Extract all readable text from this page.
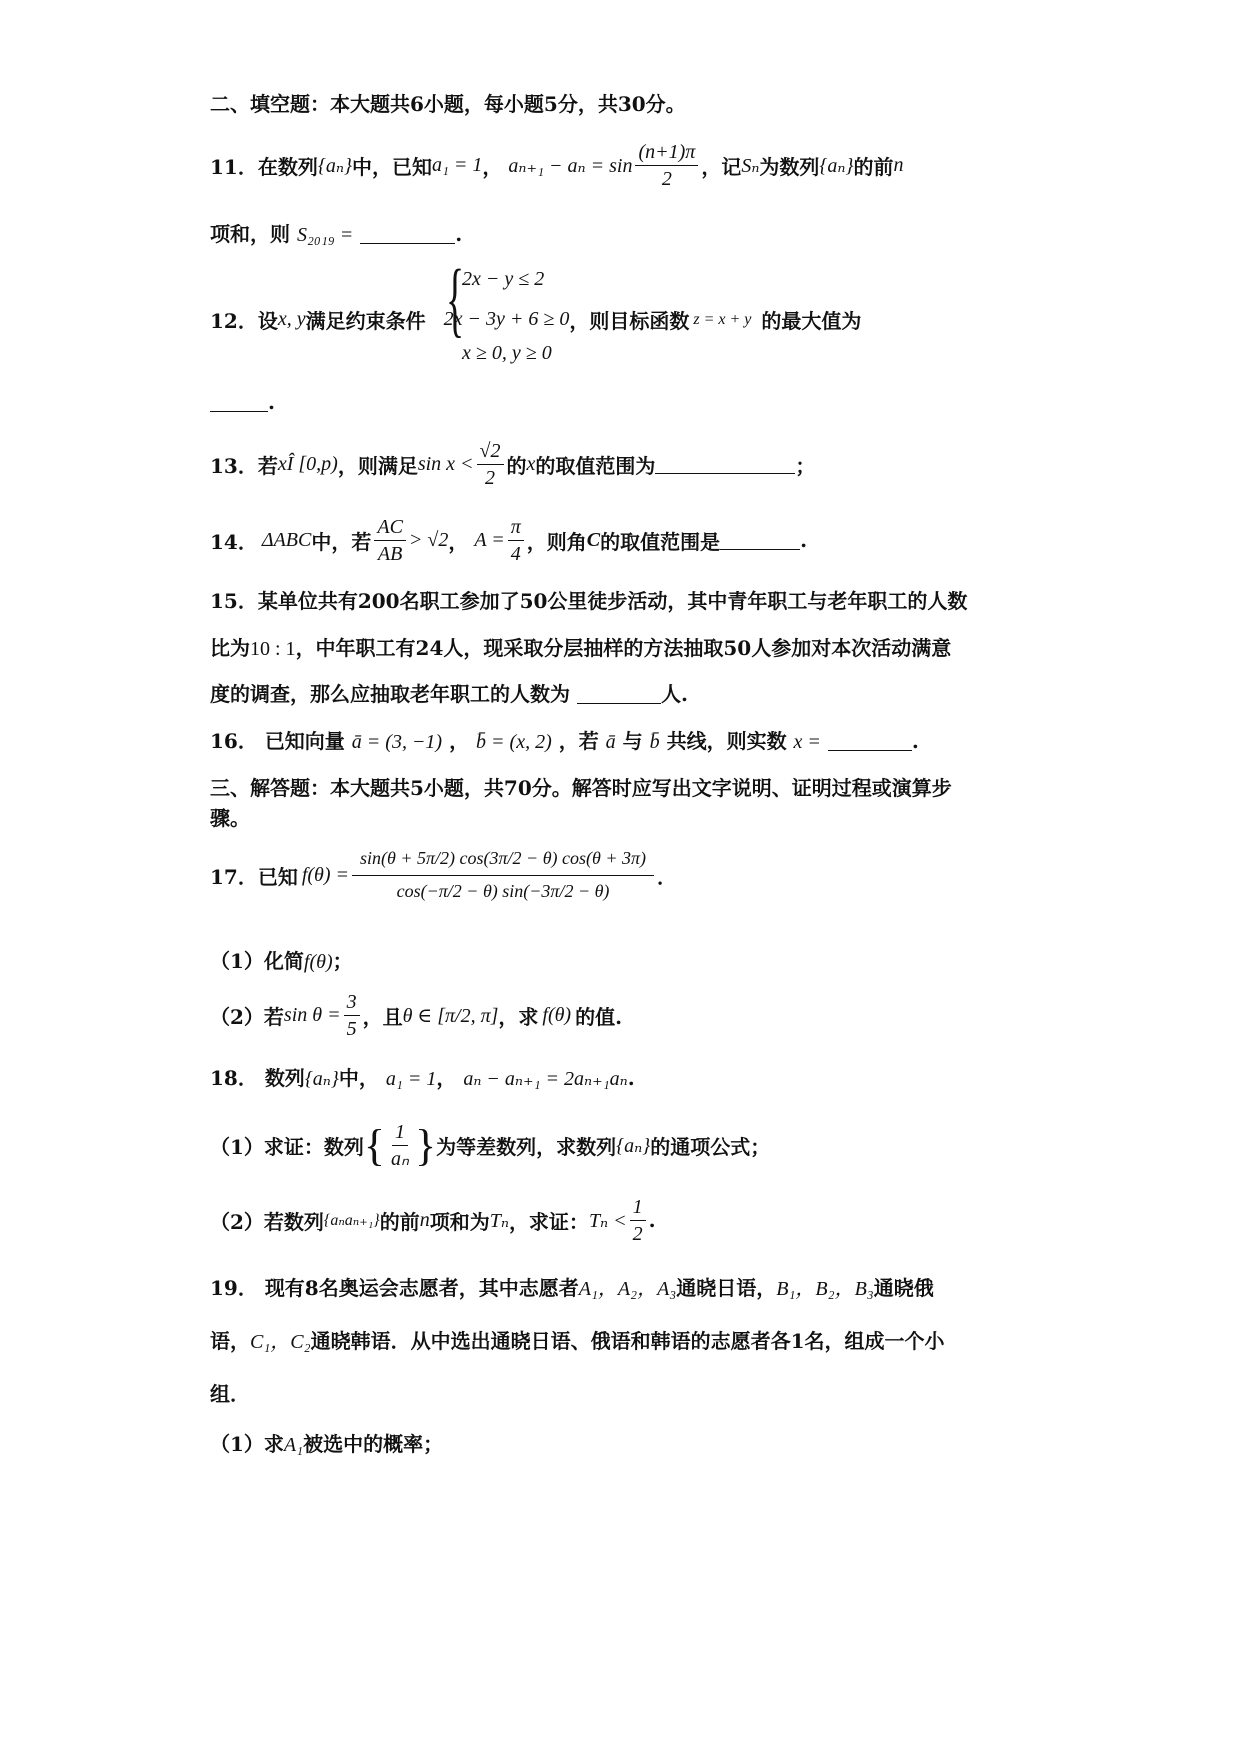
二、填空题：本大题共6小题，每小题5分，共30分。
11． 在数列 {aₙ} 中，已知 a₁ = 1 ， $a_{n+1} - a_n = \sin \frac{(n+1)\pi}{2}$ ，记 Sₙ 为数列 {aₙ} 的前 n
项和，则 S₂₀₁₉ =	.
{
2x − y ≤ 2
12． 设 x, y 满足约束条件 2x − 3y + 6 ≥ 0 ，则目标函数 z = x + y 的最大值为
x ≥ 0, y ≥ 0
.
13． 若 xÎ [0,p) ，则满足 $\sin x < \frac{√2}{2}$ 的 x 的取值范围为	；
14． ΔABC 中，若 $\frac{AC}{AB} > √2$ ， $A = \frac{\pi}{4}$ ，则角 C 的取值范围是	.
15．某单位共有200名职工参加了50公里徒步活动，其中青年职工与老年职工的人数
比为10 : 1，中年职工有24人，现采取分层抽样的方法抽取50人参加对本次活动满意
度的调查，那么应抽取老年职工的人数为	人.
16． 已知向量 ā = (3, −1) ， b̄ = (x, 2) ，若 ā 与 b̄ 共线，则实数 x =	.
三、解答题：本大题共5小题，共70分。解答时应写出文字说明、证明过程或演算步
骤。
17． 已知 $f(\theta) = \frac{\sin(\theta + 5\pi/2) \cos(3\pi/2 - \theta) \cos(\theta + 3\pi)}{\cos(-\pi/2 - \theta) \sin(-3\pi/2 - \theta)}$ ．
（1）化简f(θ)；
（2）若 $\sin \theta = \frac{3}{5}$ ，且 θ ∈ [π/2, π] ，求 f(θ) 的值.
18． 数列{aₙ}中， a₁ = 1， aₙ − aₙ₊₁ = 2aₙ₊₁aₙ.
（1）求证：数列 { $\frac{1}{\text{aₙ}}$ } 为等差数列，求数列 {aₙ} 的通项公式；
（2）若数列 {aₙaₙ₊₁} 的前 n 项和为 Tₙ ，求证： $T_n < \frac{1}{2}$ .
19． 现有8名奥运会志愿者，其中志愿者A₁，A₂，A₃通晓日语，B₁，B₂，B₃通晓俄
语，C₁，C₂通晓韩语．从中选出通晓日语、俄语和韩语的志愿者各1名，组成一个小
组．
（1）求A₁被选中的概率；
